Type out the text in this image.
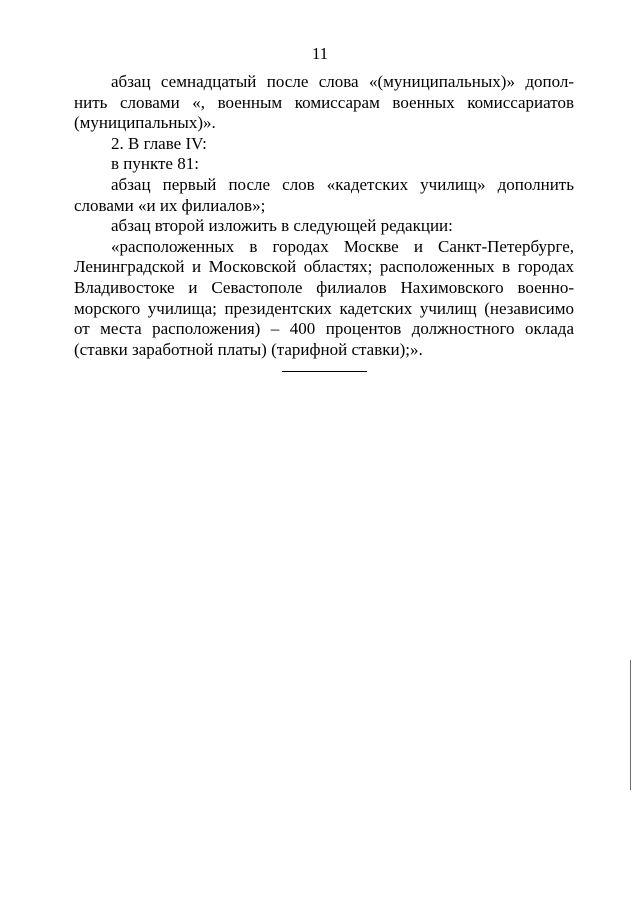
11
абзац семнадцатый после слова «(муниципальных)» допол-
нить словами «, военным комиссарам военных комиссариатов
(муниципальных)».
2. В главе IV:
в пункте 81:
абзац первый после слов «кадетских училищ» дополнить
словами «и их филиалов»;
абзац второй изложить в следующей редакции:
«расположенных в городах Москве и Санкт-Петербурге,
Ленинградской и Московской областях; расположенных в городах
Владивостоке и Севастополе филиалов Нахимовского военно-
морского училища; президентских кадетских училищ (независимо
от места расположения) – 400 процентов должностного оклада
(ставки заработной платы) (тарифной ставки);».
